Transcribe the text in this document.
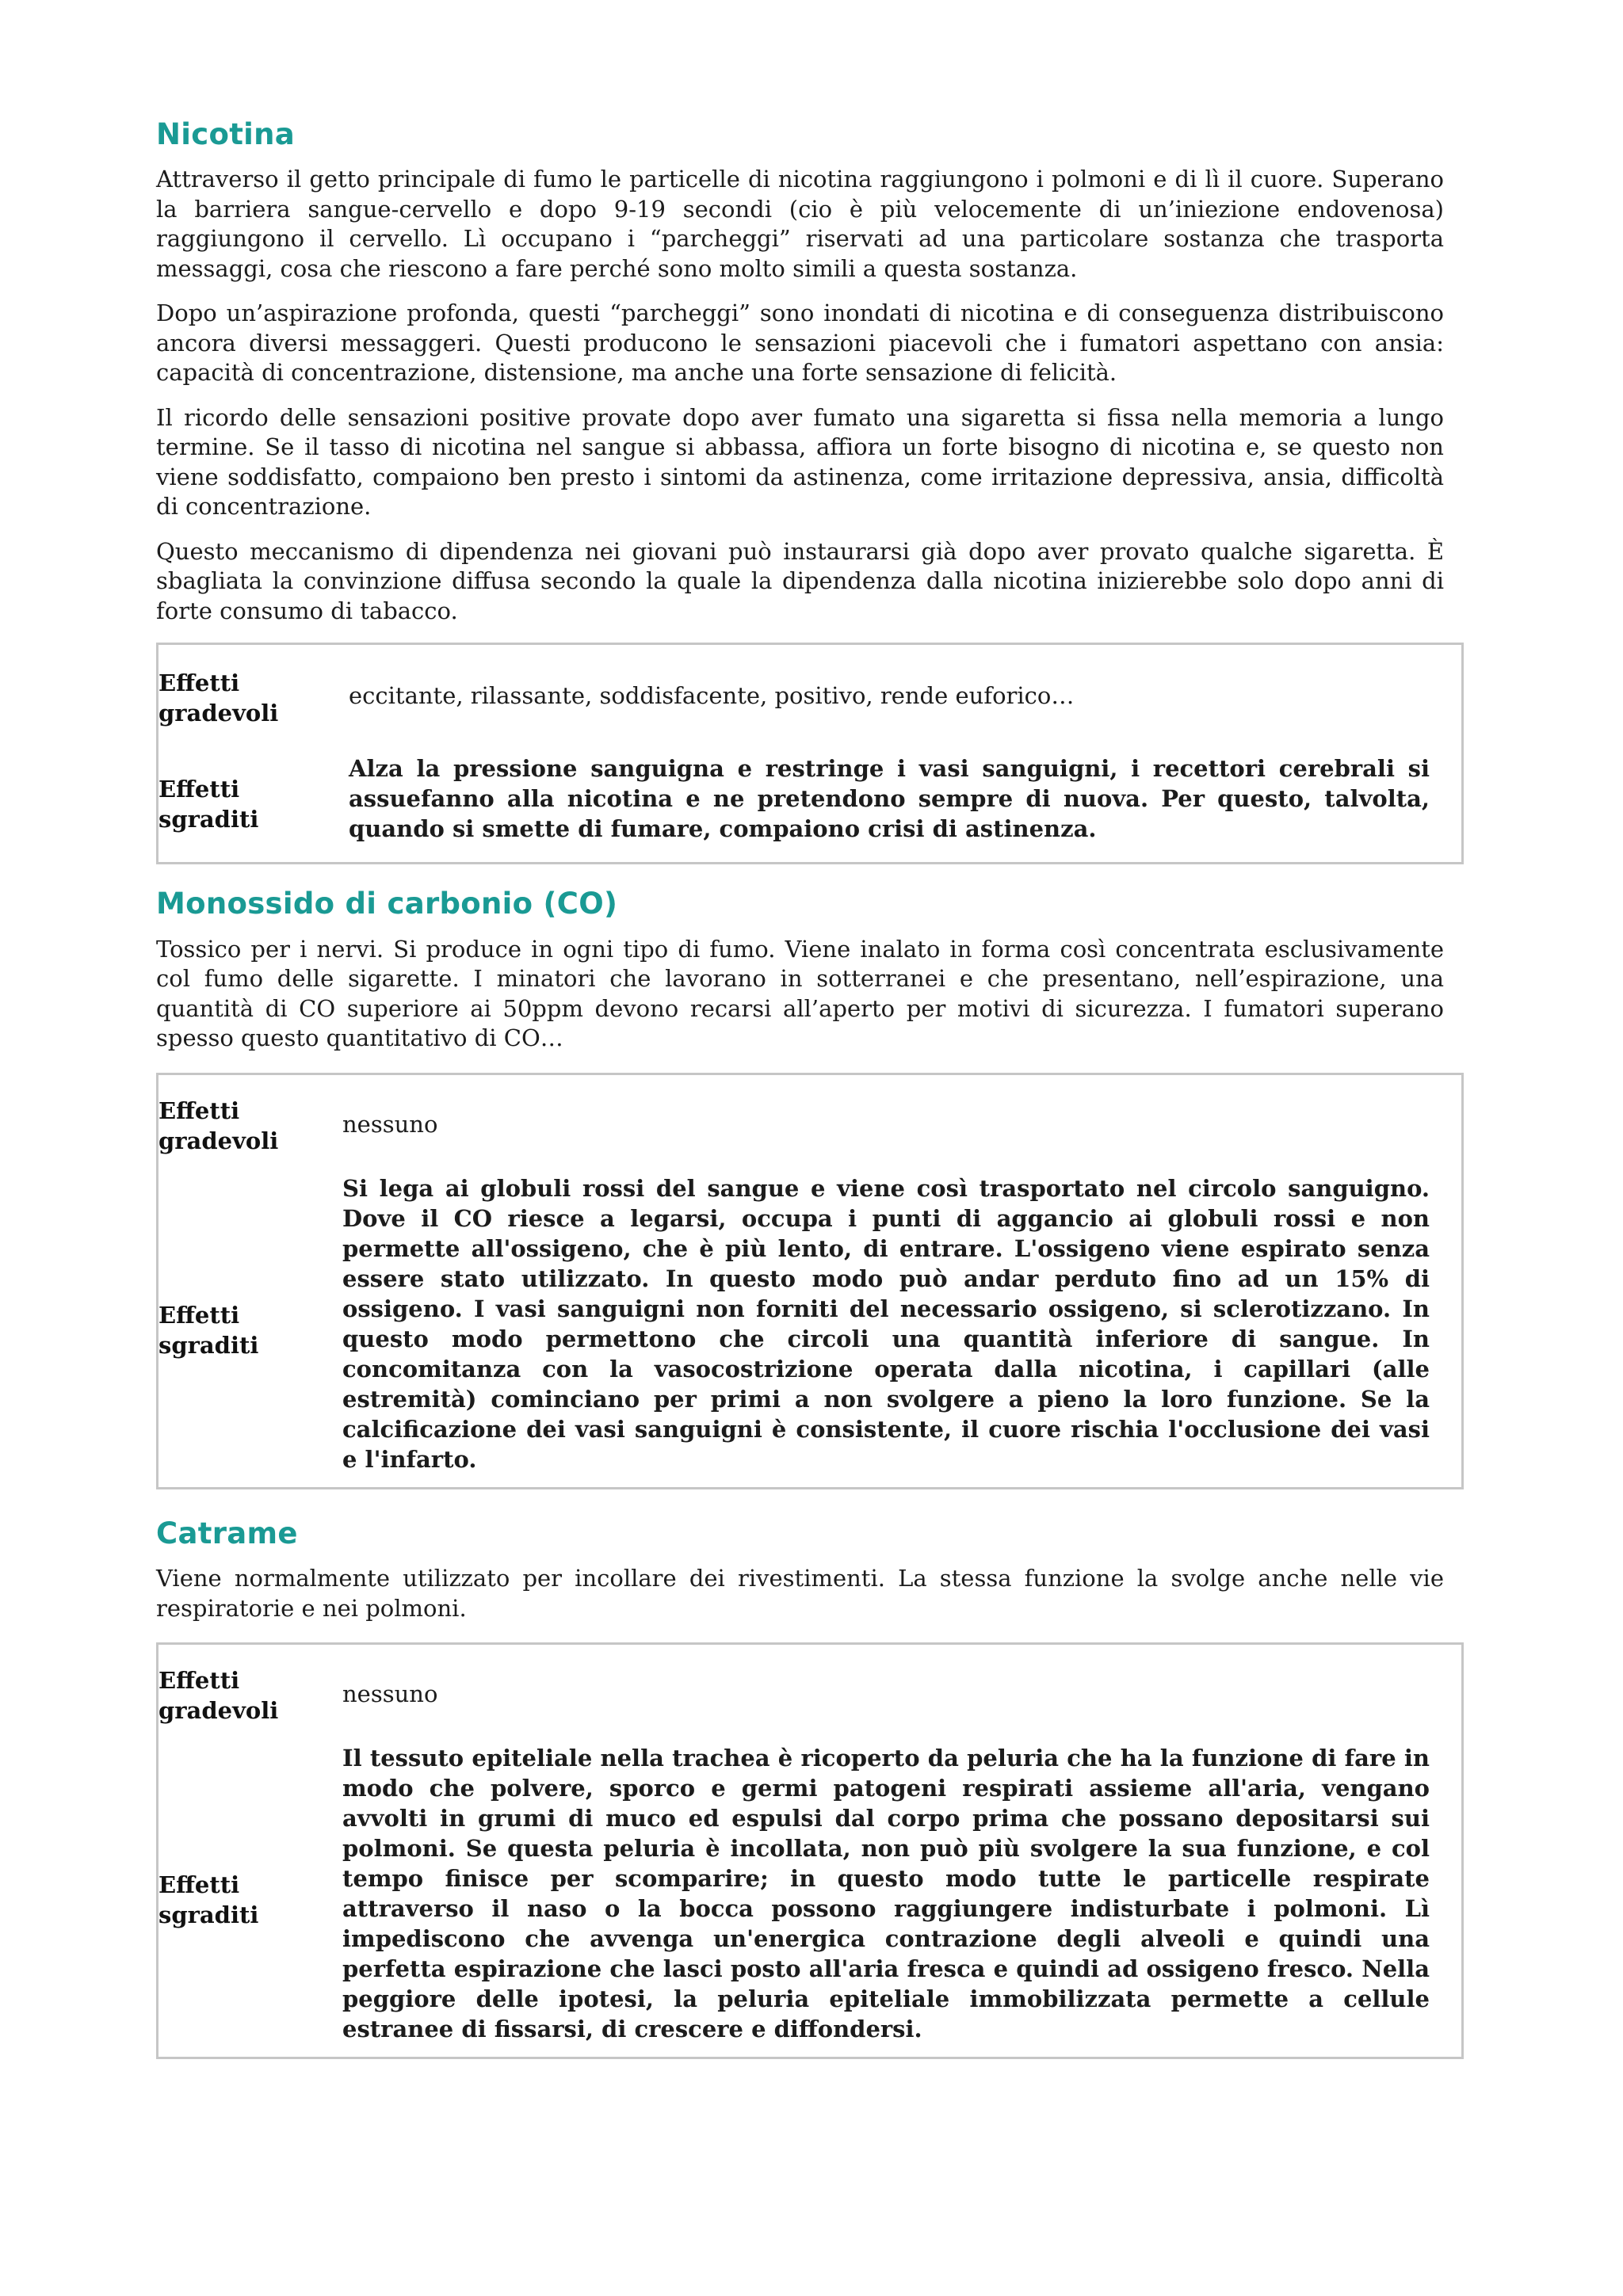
Nicotina

Attraverso il getto principale di fumo le particelle di nicotina raggiungono i polmoni e di lì il cuore. Superano la barriera sangue-cervello e dopo 9-19 secondi (cio è più velocemente di un’iniezione endovenosa) raggiungono il cervello. Lì occupano i “parcheggi” riservati ad una particolare sostanza che trasporta messaggi, cosa che riescono a fare perché sono molto simili a questa sostanza.

Dopo un’aspirazione profonda, questi “parcheggi” sono inondati di nicotina e di conseguenza distribuiscono ancora diversi messaggeri. Questi producono le sensazioni piacevoli che i fumatori aspettano con ansia: capacità di concentrazione, distensione, ma anche una forte sensazione di felicità.

Il ricordo delle sensazioni positive provate dopo aver fumato una sigaretta si fissa nella memoria a lungo termine. Se il tasso di nicotina nel sangue si abbassa, affiora un forte bisogno di nicotina e, se questo non viene soddisfatto, compaiono ben presto i sintomi da astinenza, come irritazione depressiva, ansia, difficoltà di concentrazione.

Questo meccanismo di dipendenza nei giovani può instaurarsi già dopo aver provato qualche sigaretta. È sbagliata la convinzione diffusa secondo la quale la dipendenza dalla nicotina inizierebbe solo dopo anni di forte consumo di tabacco.

Effetti gradevoli	eccitante, rilassante, soddisfacente, positivo, rende euforico…
Effetti sgraditi	Alza la pressione sanguigna e restringe i vasi sanguigni, i recettori cerebrali si assuefanno alla nicotina e ne pretendono sempre di nuova. Per questo, talvolta, quando si smette di fumare, compaiono crisi di astinenza.
Monossido di carbonio (CO)

Tossico per i nervi. Si produce in ogni tipo di fumo. Viene inalato in forma così concentrata esclusivamente col fumo delle sigarette. I minatori che lavorano in sotterranei e che presentano, nell’espirazione, una quantità di CO superiore ai 50ppm devono recarsi all’aperto per motivi di sicurezza. I fumatori superano spesso questo quantitativo di CO…

Effetti gradevoli	nessuno
Effetti sgraditi	Si lega ai globuli rossi del sangue e viene così trasportato nel circolo sanguigno. Dove il CO riesce a legarsi, occupa i punti di aggancio ai globuli rossi e non permette all'ossigeno, che è più lento, di entrare. L'ossigeno viene espirato senza essere stato utilizzato. In questo modo può andar perduto fino ad un 15% di ossigeno. I vasi sanguigni non forniti del necessario ossigeno, si sclerotizzano. In questo modo permettono che circoli una quantità inferiore di sangue. In concomitanza con la vasocostrizione operata dalla nicotina, i capillari (alle estremità) cominciano per primi a non svolgere a pieno la loro funzione. Se la calcificazione dei vasi sanguigni è consistente, il cuore rischia l'occlusione dei vasi e l'infarto.
Catrame

Viene normalmente utilizzato per incollare dei rivestimenti. La stessa funzione la svolge anche nelle vie respiratorie e nei polmoni.

Effetti gradevoli	nessuno
Effetti sgraditi	Il tessuto epiteliale nella trachea è ricoperto da peluria che ha la funzione di fare in modo che polvere, sporco e germi patogeni respirati assieme all'aria, vengano avvolti in grumi di muco ed espulsi dal corpo prima che possano depositarsi sui polmoni. Se questa peluria è incollata, non può più svolgere la sua funzione, e col tempo finisce per scomparire; in questo modo tutte le particelle respirate attraverso il naso o la bocca possono raggiungere indisturbate i polmoni. Lì impediscono che avvenga un'energica contrazione degli alveoli e quindi una perfetta espirazione che lasci posto all'aria fresca e quindi ad ossigeno fresco. Nella peggiore delle ipotesi, la peluria epiteliale immobilizzata permette a cellule estranee di fissarsi, di crescere e diffondersi.
